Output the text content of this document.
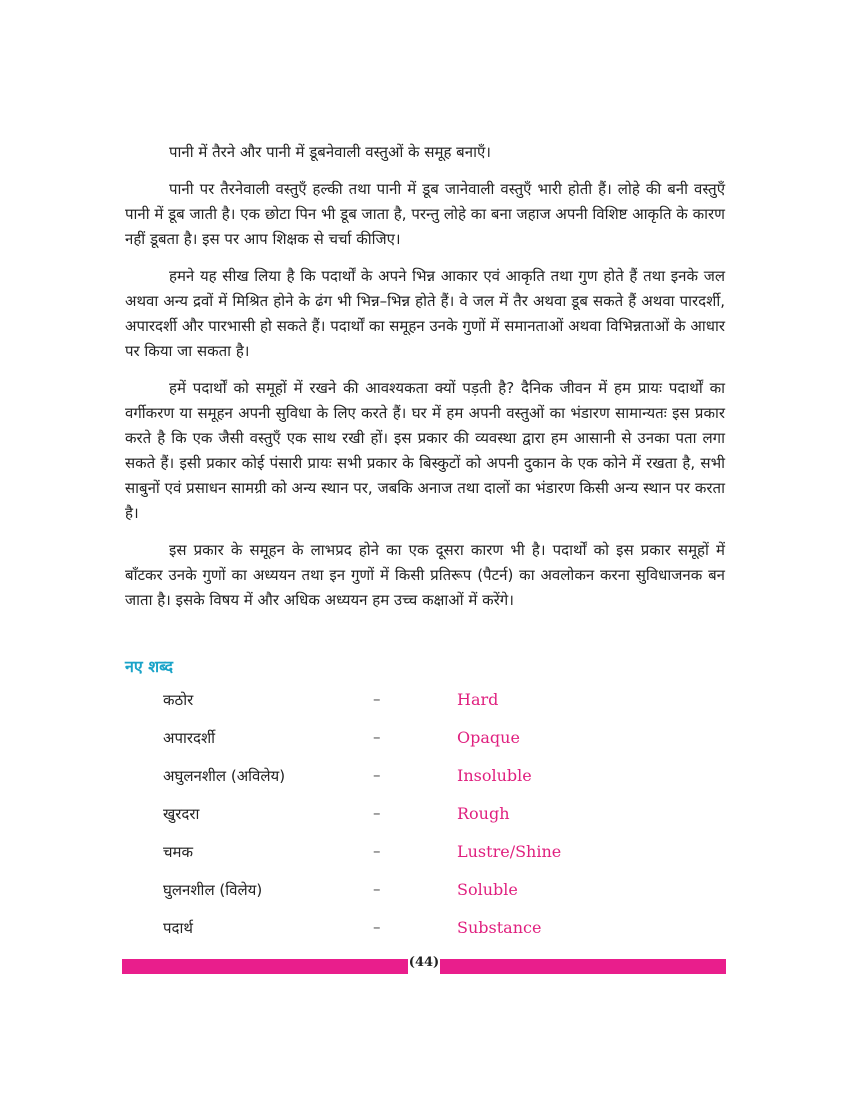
पानी में तैरने और पानी में डूबनेवाली वस्तुओं के समूह बनाएँ।

पानी पर तैरनेवाली वस्तुएँ हल्की तथा पानी में डूब जानेवाली वस्तुएँ भारी होती हैं। लोहे की बनी वस्तुएँ पानी में डूब जाती है। एक छोटा पिन भी डूब जाता है, परन्तु लोहे का बना जहाज अपनी विशिष्ट आकृति के कारण नहीं डूबता है। इस पर आप शिक्षक से चर्चा कीजिए।

हमने यह सीख लिया है कि पदार्थों के अपने भिन्न आकार एवं आकृति तथा गुण होते हैं तथा इनके जल अथवा अन्य द्रवों में मिश्रित होने के ढंग भी भिन्न–भिन्न होते हैं। वे जल में तैर अथवा डूब सकते हैं अथवा पारदर्शी, अपारदर्शी और पारभासी हो सकते हैं। पदार्थों का समूहन उनके गुणों में समानताओं अथवा विभिन्नताओं के आधार पर किया जा सकता है।

हमें पदार्थों को समूहों में रखने की आवश्यकता क्यों पड़ती है? दैनिक जीवन में हम प्रायः पदार्थों का वर्गीकरण या समूहन अपनी सुविधा के लिए करते हैं। घर में हम अपनी वस्तुओं का भंडारण सामान्यतः इस प्रकार करते है कि एक जैसी वस्तुएँ एक साथ रखी हों। इस प्रकार की व्यवस्था द्वारा हम आसानी से उनका पता लगा सकते हैं। इसी प्रकार कोई पंसारी प्रायः सभी प्रकार के बिस्कुटों को अपनी दुकान के एक कोने में रखता है, सभी साबुनों एवं प्रसाधन सामग्री को अन्य स्थान पर, जबकि अनाज तथा दालों का भंडारण किसी अन्य स्थान पर करता है।

इस प्रकार के समूहन के लाभप्रद होने का एक दूसरा कारण भी है। पदार्थों को इस प्रकार समूहों में बाँटकर उनके गुणों का अध्ययन तथा इन गुणों में किसी प्रतिरूप (पैटर्न) का अवलोकन करना सुविधाजनक बन जाता है। इसके विषय में और अधिक अध्ययन हम उच्च कक्षाओं में करेंगे।

नए शब्द
कठोर	–	Hard
अपारदर्शी	–	Opaque
अघुलनशील (अविलेय)	–	Insoluble
खुरदरा	–	Rough
चमक	–	Lustre/Shine
घुलनशील (विलेय)	–	Soluble
पदार्थ	–	Substance
(44)
